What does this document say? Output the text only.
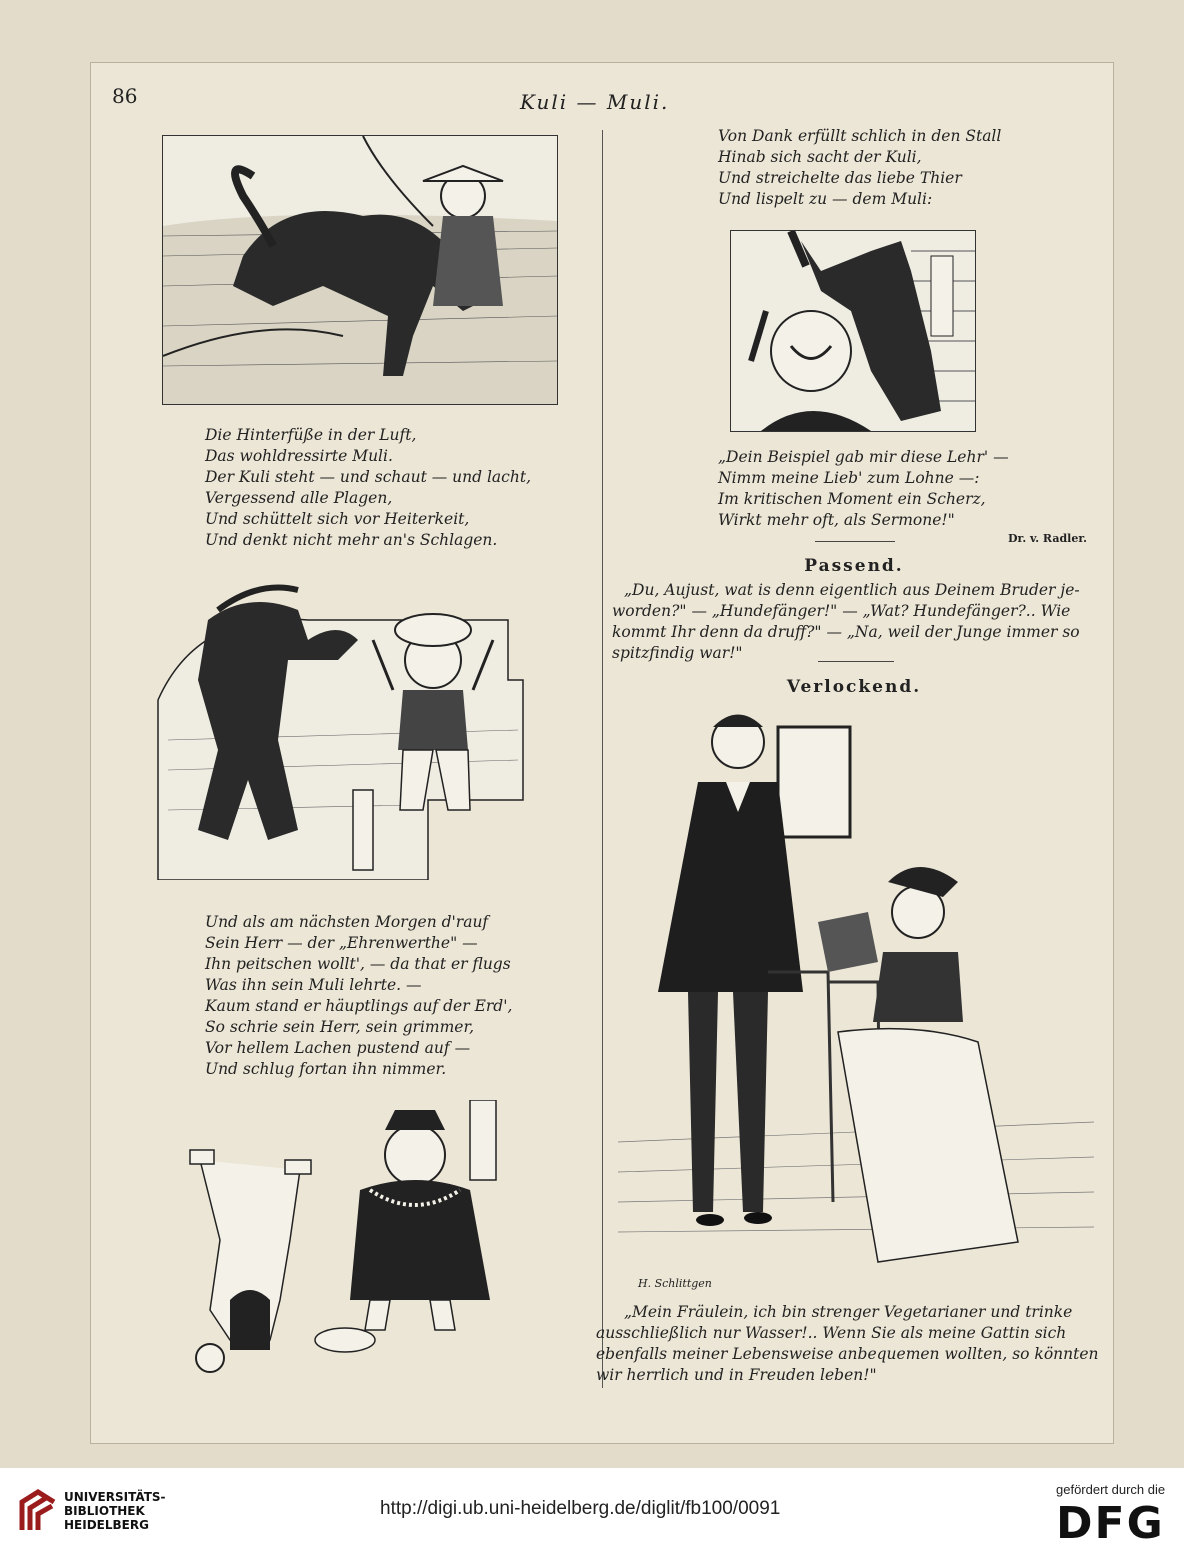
86	Kuli — Muli.
Die Hinterfüße in der Luft,
Das wohldressirte Muli.
Der Kuli steht — und schaut — und lacht,
Vergessend alle Plagen,
Und schüttelt sich vor Heiterkeit,
Und denkt nicht mehr an's Schlagen.
Und als am nächsten Morgen d'rauf
Sein Herr — der „Ehrenwerthe" —
Ihn peitschen wollt', — da that er flugs
Was ihn sein Muli lehrte. —
Kaum stand er häuptlings auf der Erd',
So schrie sein Herr, sein grimmer,
Vor hellem Lachen pustend auf —
Und schlug fortan ihn nimmer.
Von Dank erfüllt schlich in den Stall
Hinab sich sacht der Kuli,
Und streichelte das liebe Thier
Und lispelt zu — dem Muli:
„Dein Beispiel gab mir diese Lehr' —
Nimm meine Lieb' zum Lohne —:
Im kritischen Moment ein Scherz,
Wirkt mehr oft, als Sermone!"
Dr. v. Radler.
Passend.
„Du, Aujust, wat is denn eigentlich aus Deinem Bruder je-
worden?" — „Hundefänger!" — „Wat? Hundefänger?.. Wie
kommt Ihr denn da druff?" — „Na, weil der Junge immer so
spitzfindig war!"
Verlockend.
H. Schlittgen
„Mein Fräulein, ich bin strenger Vegetarianer und trinke
ausschließlich nur Wasser!.. Wenn Sie als meine Gattin sich
ebenfalls meiner Lebensweise anbequemen wollten, so könnten
wir herrlich und in Freuden leben!"
UNIVERSITÄTS-
BIBLIOTHEK
HEIDELBERG
http://digi.ub.uni-heidelberg.de/diglit/fb100/0091
gefördert durch die
DFG
